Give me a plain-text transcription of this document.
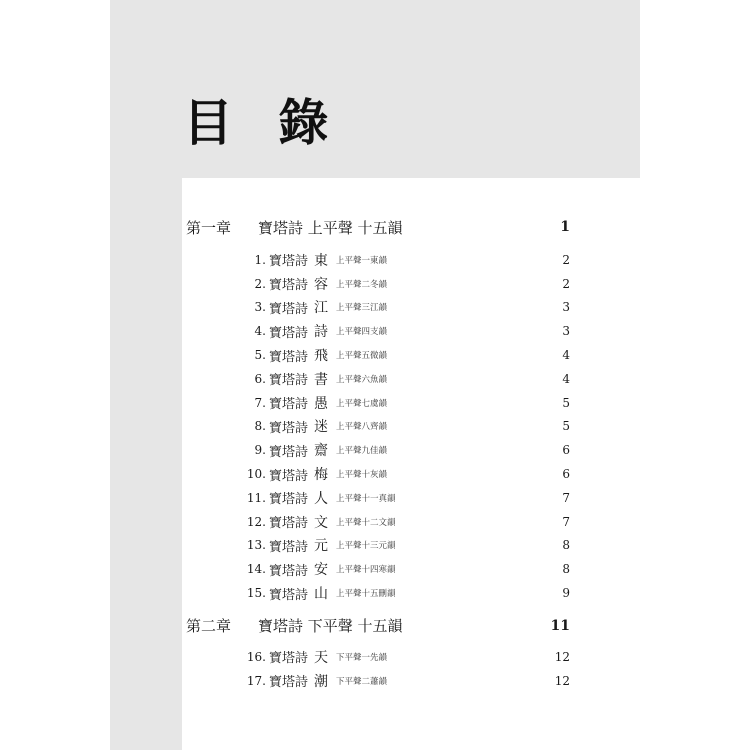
目 錄
第一章	寶塔詩 上平聲 十五韻	1
1. 寶塔詩 東 上平聲一東韻	2
2. 寶塔詩 容 上平聲二冬韻	2
3. 寶塔詩 江 上平聲三江韻	3
4. 寶塔詩 詩 上平聲四支韻	3
5. 寶塔詩 飛 上平聲五微韻	4
6. 寶塔詩 書 上平聲六魚韻	4
7. 寶塔詩 愚 上平聲七虞韻	5
8. 寶塔詩 迷 上平聲八齊韻	5
9. 寶塔詩 齋 上平聲九佳韻	6
10. 寶塔詩 梅 上平聲十灰韻	6
11. 寶塔詩 人 上平聲十一真韻	7
12. 寶塔詩 文 上平聲十二文韻	7
13. 寶塔詩 元 上平聲十三元韻	8
14. 寶塔詩 安 上平聲十四寒韻	8
15. 寶塔詩 山 上平聲十五刪韻	9
第二章	寶塔詩 下平聲 十五韻	11
16. 寶塔詩 天 下平聲一先韻	12
17. 寶塔詩 潮 下平聲二蕭韻	12
